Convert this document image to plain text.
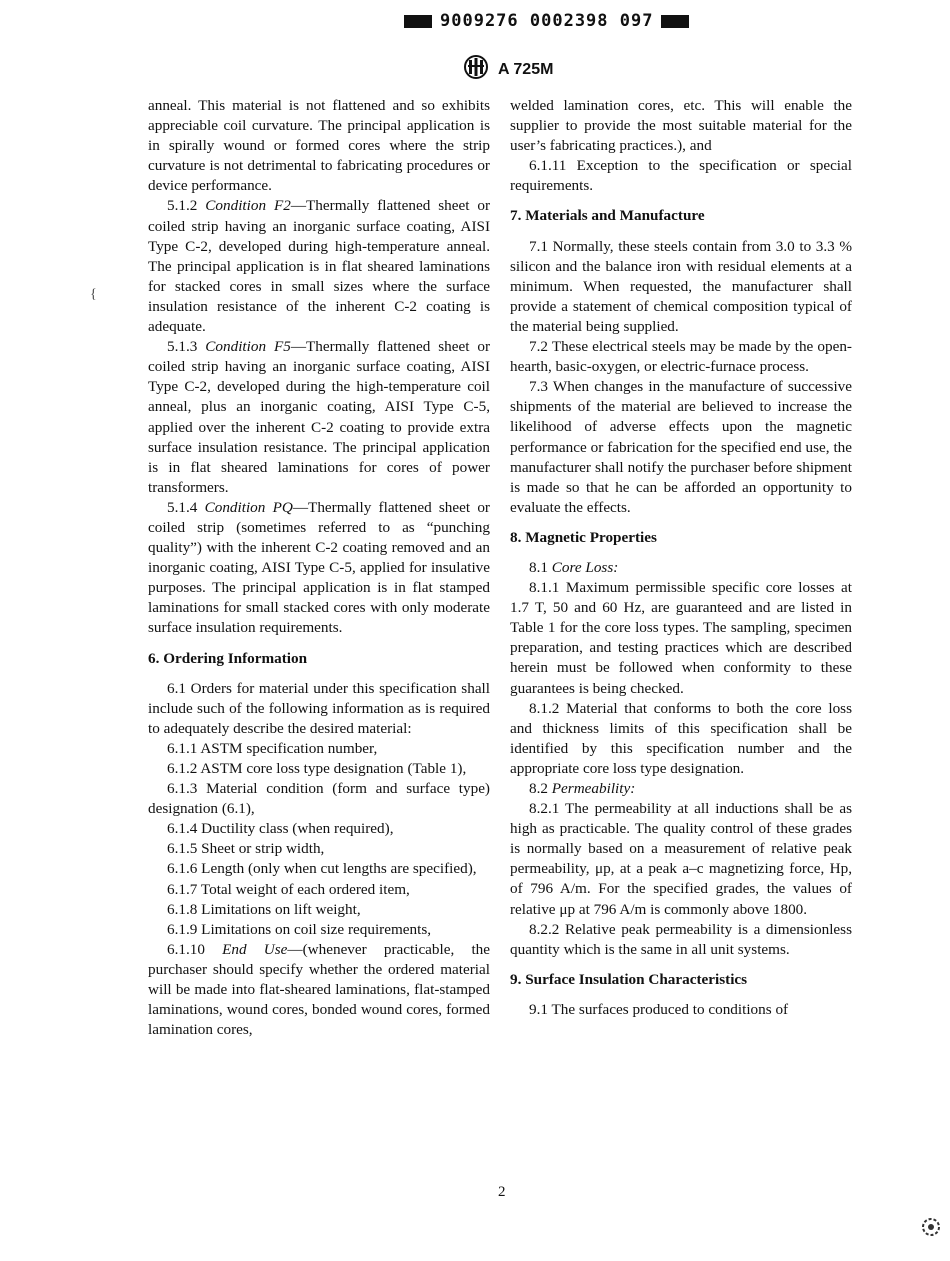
9009276 0002398 097
A 725M
{

anneal. This material is not flattened and so exhibits appreciable coil curvature. The principal application is in spirally wound or formed cores where the strip curvature is not detrimental to fabricating procedures or device performance.

5.1.2 Condition F2—Thermally flattened sheet or coiled strip having an inorganic surface coating, AISI Type C-2, developed during high-temperature anneal. The principal application is in flat sheared laminations for stacked cores in small sizes where the surface insulation resistance of the inherent C-2 coating is adequate.

5.1.3 Condition F5—Thermally flattened sheet or coiled strip having an inorganic surface coating, AISI Type C-2, developed during the high-temperature coil anneal, plus an inorganic coating, AISI Type C-5, applied over the inherent C-2 coating to provide extra surface insulation resistance. The principal application is in flat sheared laminations for cores of power transformers.

5.1.4 Condition PQ—Thermally flattened sheet or coiled strip (sometimes referred to as “punching quality”) with the inherent C-2 coating removed and an inorganic coating, AISI Type C-5, applied for insulative purposes. The principal application is in flat stamped laminations for small stacked cores with only moderate surface insulation requirements.

6. Ordering Information

6.1 Orders for material under this specification shall include such of the following information as is required to adequately describe the desired material:

6.1.1 ASTM specification number,

6.1.2 ASTM core loss type designation (Table 1),

6.1.3 Material condition (form and surface type) designation (6.1),

6.1.4 Ductility class (when required),

6.1.5 Sheet or strip width,

6.1.6 Length (only when cut lengths are specified),

6.1.7 Total weight of each ordered item,

6.1.8 Limitations on lift weight,

6.1.9 Limitations on coil size requirements,

6.1.10 End Use—(whenever practicable, the purchaser should specify whether the ordered material will be made into flat-sheared laminations, flat-stamped laminations, wound cores, bonded wound cores, formed lamination cores,

welded lamination cores, etc. This will enable the supplier to provide the most suitable material for the user’s fabricating practices.), and

6.1.11 Exception to the specification or special requirements.

7. Materials and Manufacture

7.1 Normally, these steels contain from 3.0 to 3.3 % silicon and the balance iron with residual elements at a minimum. When requested, the manufacturer shall provide a statement of chemical composition typical of the material being supplied.

7.2 These electrical steels may be made by the open-hearth, basic-oxygen, or electric-furnace process.

7.3 When changes in the manufacture of successive shipments of the material are believed to increase the likelihood of adverse effects upon the magnetic performance or fabrication for the specified end use, the manufacturer shall notify the purchaser before shipment is made so that he can be afforded an opportunity to evaluate the effects.

8. Magnetic Properties

8.1 Core Loss:

8.1.1 Maximum permissible specific core losses at 1.7 T, 50 and 60 Hz, are guaranteed and are listed in Table 1 for the core loss types. The sampling, specimen preparation, and testing practices which are described herein must be followed when conformity to these guarantees is being checked.

8.1.2 Material that conforms to both the core loss and thickness limits of this specification shall be identified by this specification number and the appropriate core loss type designation.

8.2 Permeability:

8.2.1 The permeability at all inductions shall be as high as practicable. The quality control of these grades is normally based on a measurement of relative peak permeability, μp, at a peak a–c magnetizing force, Hp, of 796 A/m. For the specified grades, the values of relative μp at 796 A/m is commonly above 1800.

8.2.2 Relative peak permeability is a dimensionless quantity which is the same in all unit systems.

9. Surface Insulation Characteristics

9.1 The surfaces produced to conditions of

2
